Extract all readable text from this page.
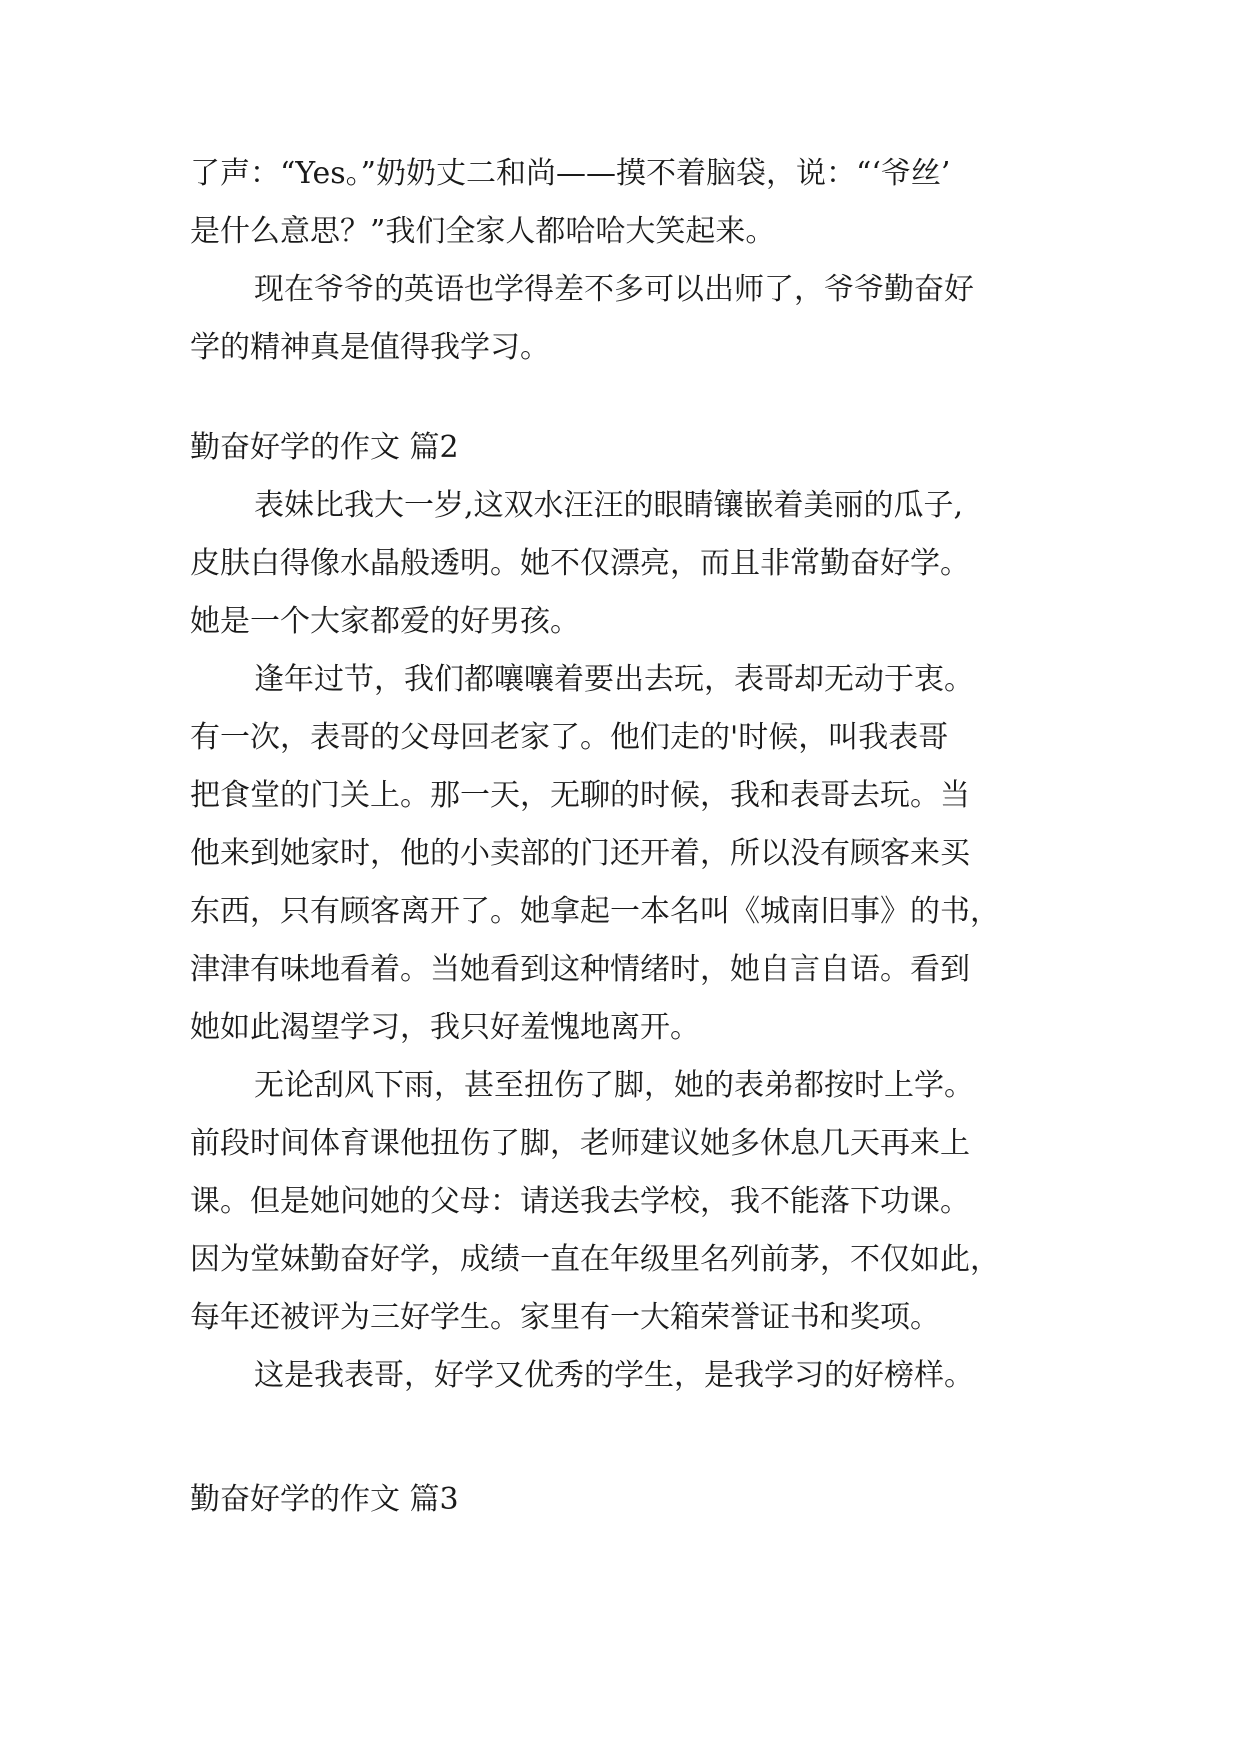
了声：“Yes。”奶奶丈二和尚——摸不着脑袋，说：“‘爷丝’
是什么意思？”我们全家人都哈哈大笑起来。
现在爷爷的英语也学得差不多可以出师了，爷爷勤奋好
学的精神真是值得我学习。
勤奋好学的作文 篇2
表妹比我大一岁,这双水汪汪的眼睛镶嵌着美丽的瓜子,
皮肤白得像水晶般透明。她不仅漂亮，而且非常勤奋好学。
她是一个大家都爱的好男孩。
逢年过节，我们都嚷嚷着要出去玩，表哥却无动于衷。
有一次，表哥的父母回老家了。他们走的'时候，叫我表哥
把食堂的门关上。那一天，无聊的时候，我和表哥去玩。当
他来到她家时，他的小卖部的门还开着，所以没有顾客来买
东西，只有顾客离开了。她拿起一本名叫《城南旧事》的书，
津津有味地看着。当她看到这种情绪时，她自言自语。看到
她如此渴望学习，我只好羞愧地离开。
无论刮风下雨，甚至扭伤了脚，她的表弟都按时上学。
前段时间体育课他扭伤了脚，老师建议她多休息几天再来上
课。但是她问她的父母：请送我去学校，我不能落下功课。
因为堂妹勤奋好学，成绩一直在年级里名列前茅，不仅如此，
每年还被评为三好学生。家里有一大箱荣誉证书和奖项。
这是我表哥，好学又优秀的学生，是我学习的好榜样。
勤奋好学的作文 篇3
